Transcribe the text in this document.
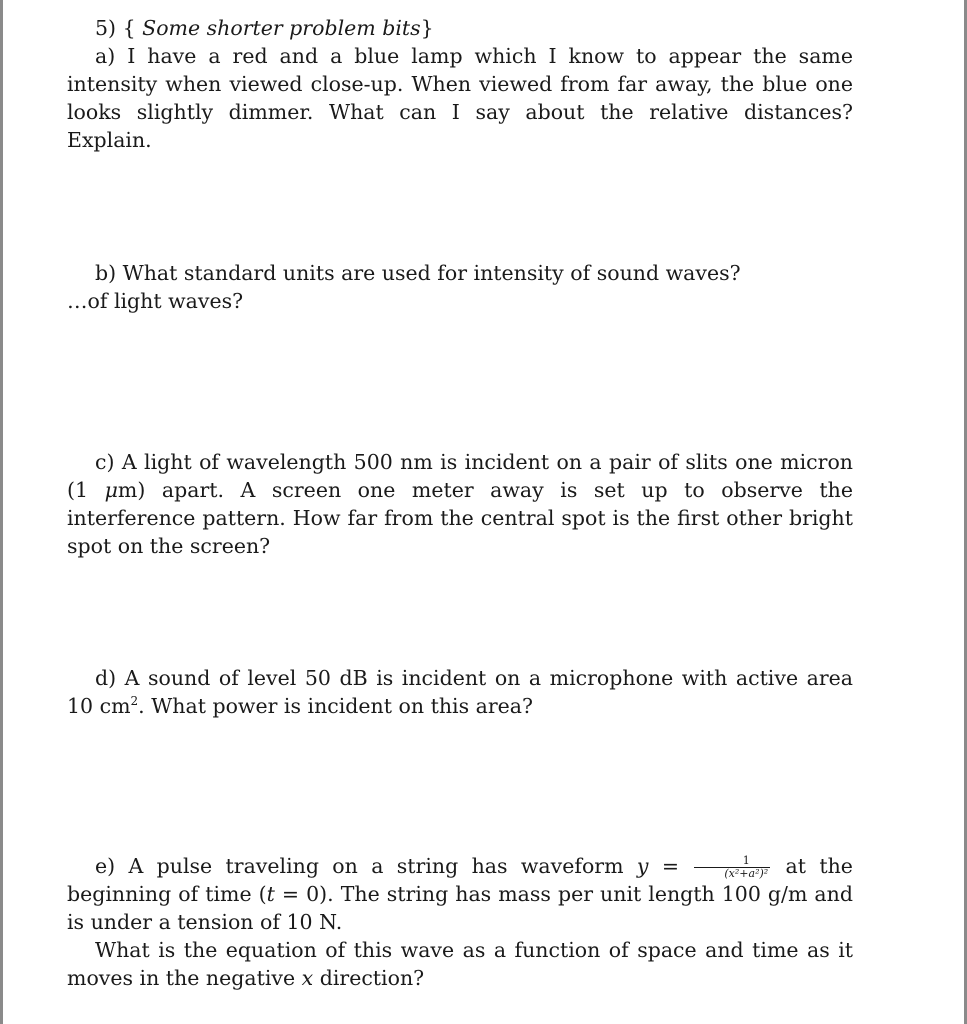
5) { Some shorter problem bits}
a) I have a red and a blue lamp which I know to appear the same intensity when viewed close-up. When viewed from far away, the blue one looks slightly dimmer. What can I say about the relative distances? Explain.
b) What standard units are used for intensity of sound waves?
…of light waves?
c) A light of wavelength 500 nm is incident on a pair of slits one micron (1 μm) apart. A screen one meter away is set up to observe the interference pattern. How far from the central spot is the first other bright spot on the screen?
d) A sound of level 50 dB is incident on a microphone with active area 10 $cm^2$. What power is incident on this area?
e) A pulse traveling on a string has waveform $y = \frac{1}{\text{(x²+a²)²}}$ at the beginning of time (t = 0). The string has mass per unit length 100 g/m and is under a tension of 10 N.
What is the equation of this wave as a function of space and time as it moves in the negative x direction?
